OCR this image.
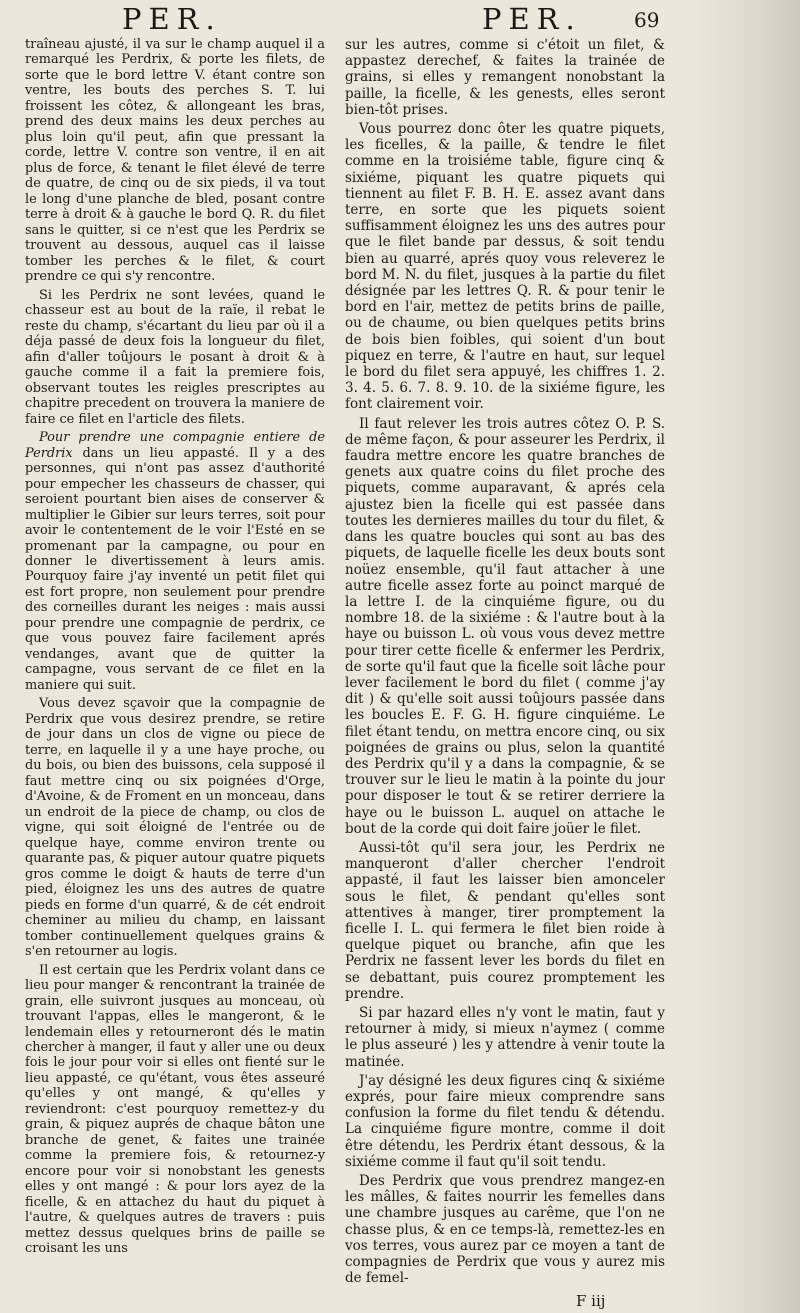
PER.	PER.	69

traîneau ajusté, il va sur le champ auquel il a remarqué les Perdrix, & porte les filets, de sorte que le bord lettre V. étant contre son ventre, les bouts des perches S. T. lui froissent les côtez, & allongeant les bras, prend des deux mains les deux perches au plus loin qu'il peut, afin que pressant la corde, lettre V. contre son ventre, il en ait plus de force, & tenant le filet élevé de terre de quatre, de cinq ou de six pieds, il va tout le long d'une planche de bled, posant contre terre à droit & à gauche le bord Q. R. du filet sans le quitter, si ce n'est que les Perdrix se trouvent au dessous, auquel cas il laisse tomber les perches & le filet, & court prendre ce qui s'y rencontre.

Si les Perdrix ne sont levées, quand le chasseur est au bout de la raïe, il rebat le reste du champ, s'écartant du lieu par où il a déja passé de deux fois la longueur du filet, afin d'aller toûjours le posant à droit & à gauche comme il a fait la premiere fois, observant toutes les reigles prescriptes au chapitre precedent on trouvera la maniere de faire ce filet en l'article des filets.

Pour prendre une compagnie entiere de Perdrix dans un lieu appasté. Il y a des personnes, qui n'ont pas assez d'authorité pour empecher les chasseurs de chasser, qui seroient pourtant bien aises de conserver & multiplier le Gibier sur leurs terres, soit pour avoir le contentement de le voir l'Esté en se promenant par la campagne, ou pour en donner le divertissement à leurs amis. Pourquoy faire j'ay inventé un petit filet qui est fort propre, non seulement pour prendre des corneilles durant les neiges : mais aussi pour prendre une compagnie de perdrix, ce que vous pouvez faire facilement aprés vendanges, avant que de quitter la campagne, vous servant de ce filet en la maniere qui suit.

Vous devez sçavoir que la compagnie de Perdrix que vous desirez prendre, se retire de jour dans un clos de vigne ou piece de terre, en laquelle il y a une haye proche, ou du bois, ou bien des buissons, cela supposé il faut mettre cinq ou six poignées d'Orge, d'Avoine, & de Froment en un monceau, dans un endroit de la piece de champ, ou clos de vigne, qui soit éloigné de l'entrée ou de quelque haye, comme environ trente ou quarante pas, & piquer autour quatre piquets gros comme le doigt & hauts de terre d'un pied, éloignez les uns des autres de quatre pieds en forme d'un quarré, & de cét endroit cheminer au milieu du champ, en laissant tomber continuellement quelques grains & s'en retourner au logis.

Il est certain que les Perdrix volant dans ce lieu pour manger & rencontrant la trainée de grain, elle suivront jusques au monceau, où trouvant l'appas, elles le mangeront, & le lendemain elles y retourneront dés le matin chercher à manger, il faut y aller une ou deux fois le jour pour voir si elles ont fienté sur le lieu appasté, ce qu'étant, vous êtes asseuré qu'elles y ont mangé, & qu'elles y reviendront: c'est pourquoy remettez-y du grain, & piquez auprés de chaque bâton une branche de genet, & faites une trainée comme la premiere fois, & retournez-y encore pour voir si nonobstant les genests elles y ont mangé : & pour lors ayez de la ficelle, & en attachez du haut du piquet à l'autre, & quelques autres de travers : puis mettez dessus quelques brins de paille se croisant les uns

sur les autres, comme si c'étoit un filet, & appastez derechef, & faites la trainée de grains, si elles y remangent nonobstant la paille, la ficelle, & les genests, elles seront bien-tôt prises.

Vous pourrez donc ôter les quatre piquets, les ficelles, & la paille, & tendre le filet comme en la troisiéme table, figure cinq & sixiéme, piquant les quatre piquets qui tiennent au filet F. B. H. E. assez avant dans terre, en sorte que les piquets soient suffisamment éloignez les uns des autres pour que le filet bande par dessus, & soit tendu bien au quarré, aprés quoy vous releverez le bord M. N. du filet, jusques à la partie du filet désignée par les lettres Q. R. & pour tenir le bord en l'air, mettez de petits brins de paille, ou de chaume, ou bien quelques petits brins de bois bien foibles, qui soient d'un bout piquez en terre, & l'autre en haut, sur lequel le bord du filet sera appuyé, les chiffres 1. 2. 3. 4. 5. 6. 7. 8. 9. 10. de la sixiéme figure, les font clairement voir.

Il faut relever les trois autres côtez O. P. S. de même façon, & pour asseurer les Perdrix, il faudra mettre encore les quatre branches de genets aux quatre coins du filet proche des piquets, comme auparavant, & aprés cela ajustez bien la ficelle qui est passée dans toutes les dernieres mailles du tour du filet, & dans les quatre boucles qui sont au bas des piquets, de laquelle ficelle les deux bouts sont noüez ensemble, qu'il faut attacher à une autre ficelle assez forte au poinct marqué de la lettre I. de la cinquiéme figure, ou du nombre 18. de la sixiéme : & l'autre bout à la haye ou buisson L. où vous vous devez mettre pour tirer cette ficelle & enfermer les Perdrix, de sorte qu'il faut que la ficelle soit lâche pour lever facilement le bord du filet ( comme j'ay dit ) & qu'elle soit aussi toûjours passée dans les boucles E. F. G. H. figure cinquiéme. Le filet étant tendu, on mettra encore cinq, ou six poignées de grains ou plus, selon la quantité des Perdrix qu'il y a dans la compagnie, & se trouver sur le lieu le matin à la pointe du jour pour disposer le tout & se retirer derriere la haye ou le buisson L. auquel on attache le bout de la corde qui doit faire joüer le filet.

Aussi-tôt qu'il sera jour, les Perdrix ne manqueront d'aller chercher l'endroit appasté, il faut les laisser bien amonceler sous le filet, & pendant qu'elles sont attentives à manger, tirer promptement la ficelle I. L. qui fermera le filet bien roide à quelque piquet ou branche, afin que les Perdrix ne fassent lever les bords du filet en se debattant, puis courez promptement les prendre.

Si par hazard elles n'y vont le matin, faut y retourner à midy, si mieux n'aymez ( comme le plus asseuré ) les y attendre à venir toute la matinée.

J'ay désigné les deux figures cinq & sixiéme exprés, pour faire mieux comprendre sans confusion la forme du filet tendu & détendu. La cinquiéme figure montre, comme il doit être détendu, les Perdrix étant dessous, & la sixiéme comme il faut qu'il soit tendu.

Des Perdrix que vous prendrez mangez-en les mâlles, & faites nourrir les femelles dans une chambre jusques au carême, que l'on ne chasse plus, & en ce temps-là, remettez-les en vos terres, vous aurez par ce moyen a tant de compagnies de Perdrix que vous y aurez mis de femel-

F iij
